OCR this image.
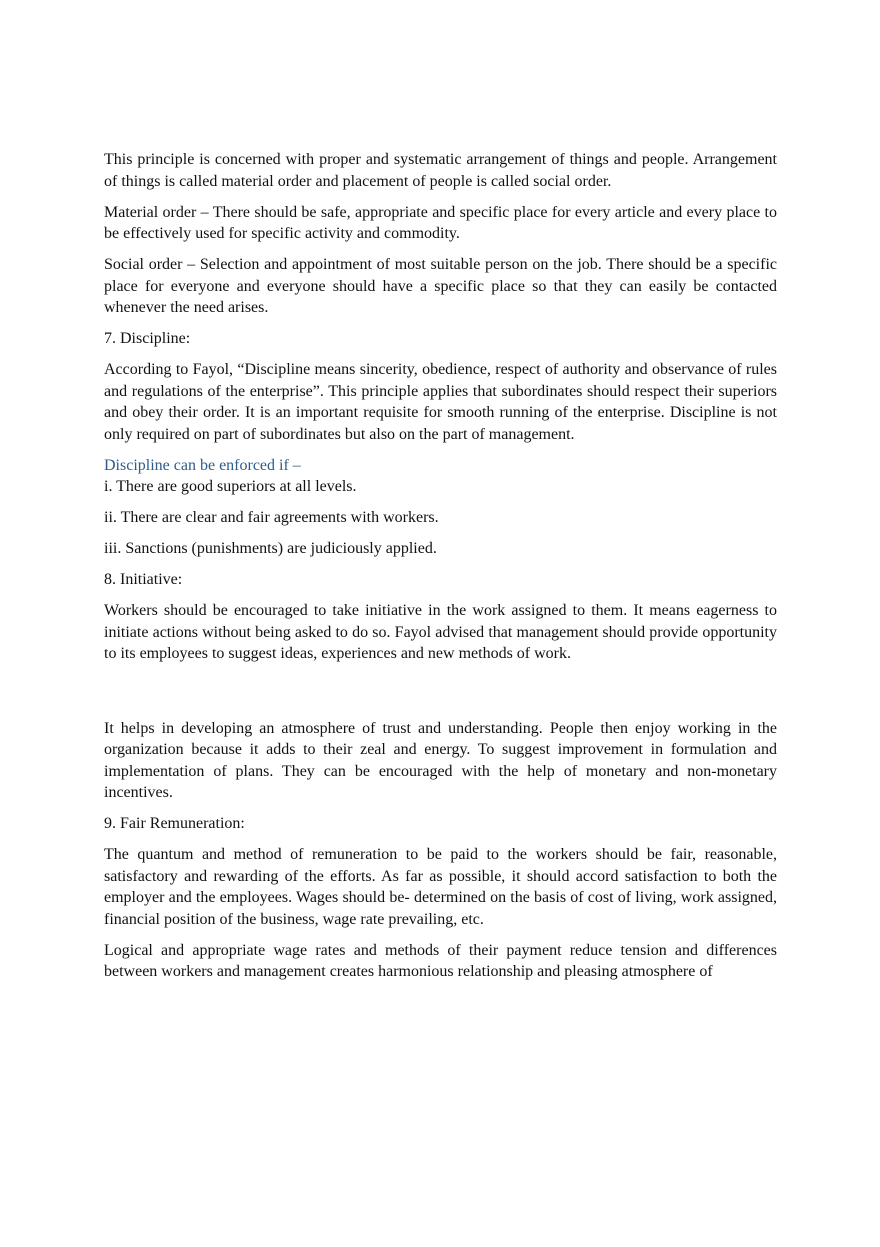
This principle is concerned with proper and systematic arrangement of things and people. Arrangement of things is called material order and placement of people is called social order.

Material order – There should be safe, appropriate and specific place for every article and every place to be effectively used for specific activity and commodity.

Social order – Selection and appointment of most suitable person on the job. There should be a specific place for everyone and everyone should have a specific place so that they can easily be contacted whenever the need arises.

7. Discipline:

According to Fayol, “Discipline means sincerity, obedience, respect of authority and observance of rules and regulations of the enterprise”. This principle applies that subordinates should respect their superiors and obey their order. It is an important requisite for smooth running of the enterprise. Discipline is not only required on part of subordinates but also on the part of management.

Discipline can be enforced if –

i. There are good superiors at all levels.

ii. There are clear and fair agreements with workers.

iii. Sanctions (punishments) are judiciously applied.

8. Initiative:

Workers should be encouraged to take initiative in the work assigned to them. It means eagerness to initiate actions without being asked to do so. Fayol advised that management should provide opportunity to its employees to suggest ideas, experiences and new methods of work.

It helps in developing an atmosphere of trust and understanding. People then enjoy working in the organization because it adds to their zeal and energy. To suggest improvement in formulation and implementation of plans. They can be encouraged with the help of monetary and non-monetary incentives.

9. Fair Remuneration:

The quantum and method of remuneration to be paid to the workers should be fair, reasonable, satisfactory and rewarding of the efforts. As far as possible, it should accord satisfaction to both the employer and the employees. Wages should be- determined on the basis of cost of living, work assigned, financial position of the business, wage rate prevailing, etc.

Logical and appropriate wage rates and methods of their payment reduce tension and differences between workers and management creates harmonious relationship and pleasing atmosphere of
